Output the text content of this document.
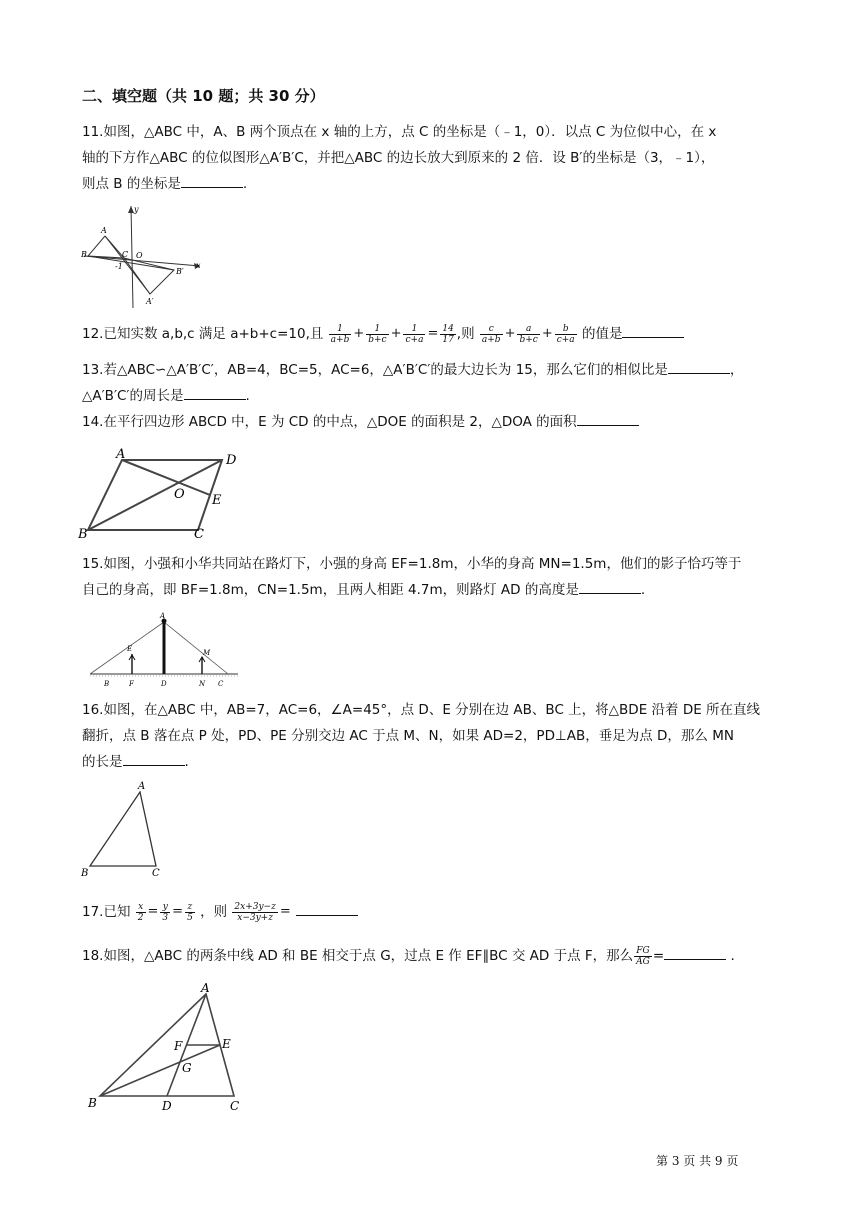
二、填空题（共 10 题；共 30 分）
11.如图，△ABC 中，A、B 两个顶点在 x 轴的上方，点 C 的坐标是（﹣1，0）．以点 C 为位似中心，在 x
轴的下方作△ABC 的位似图形△A′B′C，并把△ABC 的边长放大到原来的 2 倍．设 B′的坐标是（3，﹣1），
则点 B 的坐标是	.
y
x
A
B	C O
-1
B′
A′
12.已知实数 a,b,c 满足 a+b+c=10,且 $\frac{1}{a+b} + \frac{1}{b+c} + \frac{1}{c+a} = \frac{14}{17}$ ,则 $\frac{c}{a+b} + \frac{a}{b+c} + \frac{b}{c+a}$ 的值是
13.若△ABC∽△A′B′C′，AB=4，BC=5，AC=6，△A′B′C′的最大边长为 15，那么它们的相似比是	，
△A′B′C′的周长是	.
14.在平行四边形 ABCD 中，E 为 CD 的中点，△DOE 的面积是 2，△DOA 的面积
A	D
O E
B	C
15.如图，小强和小华共同站在路灯下，小强的身高 EF=1.8m，小华的身高 MN=1.5m，他们的影子恰巧等于
自己的身高，即 BF=1.8m，CN=1.5m，且两人相距 4.7m，则路灯 AD 的高度是	.
A
E	M
B	F	D	N C
16.如图，在△ABC 中，AB=7，AC=6，∠A=45°，点 D、E 分别在边 AB、BC 上，将△BDE 沿着 DE 所在直线
翻折，点 B 落在点 P 处，PD、PE 分别交边 AC 于点 M、N，如果 AD=2，PD⊥AB，垂足为点 D，那么 MN
的长是	.
A
B	C
17.已知 $\frac{x}{2} = \frac{y}{3} = \frac{z}{5}$ ，则 $\frac{2x+3y-z}{x-3y+z}$ =
18.如图，△ABC 的两条中线 AD 和 BE 相交于点 G，过点 E 作 EF∥BC 交 AD 于点 F，那么 $\frac{FG}{AG}$ =	.
A
F	E
G
B	D	C
第 3 页 共 9 页
